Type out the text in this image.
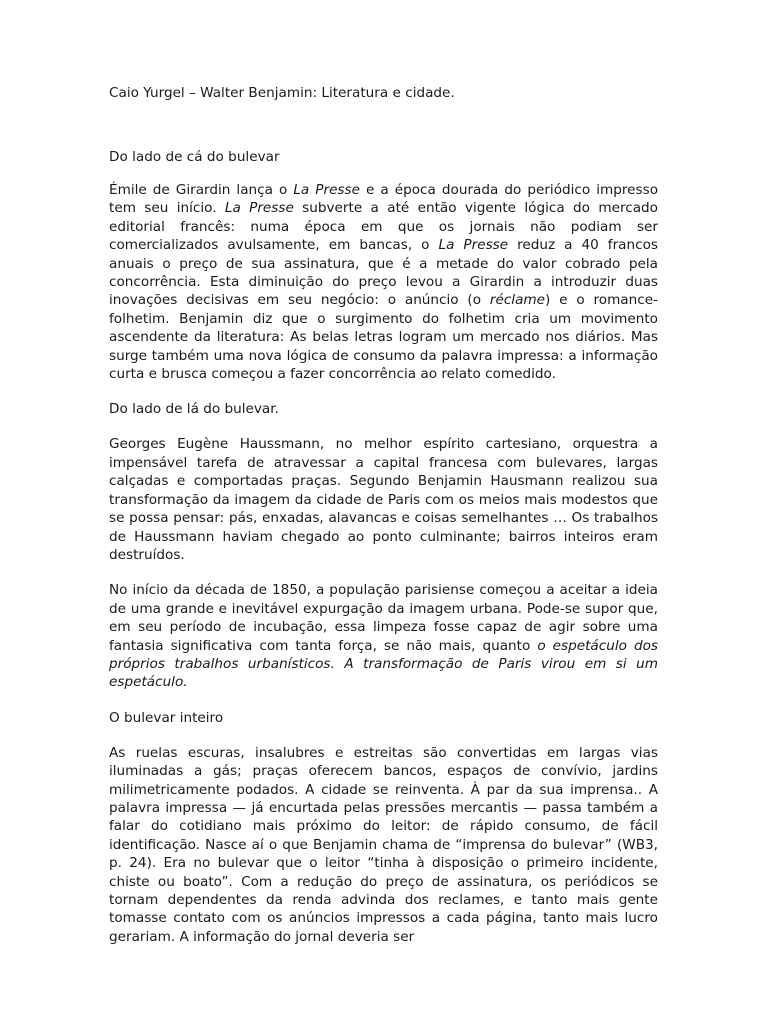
Caio Yurgel – Walter Benjamin: Literatura e cidade.

Do lado de cá do bulevar

Émile de Girardin lança o La Presse e a época dourada do periódico impresso tem seu início. La Presse subverte a até então vigente lógica do mercado editorial francês: numa época em que os jornais não podiam ser comercializados avulsamente, em bancas, o La Presse reduz a 40 francos anuais o preço de sua assinatura, que é a metade do valor cobrado pela concorrência. Esta diminuição do preço levou a Girardin a introduzir duas inovações decisivas em seu negócio: o anúncio (o réclame) e o romance-folhetim. Benjamin diz que o surgimento do folhetim cria um movimento ascendente da literatura: As belas letras logram um mercado nos diários. Mas surge também uma nova lógica de consumo da palavra impressa: a informação curta e brusca começou a fazer concorrência ao relato comedido.

Do lado de lá do bulevar.

Georges Eugène Haussmann, no melhor espírito cartesiano, orquestra a impensável tarefa de atravessar a capital francesa com bulevares, largas calçadas e comportadas praças. Segundo Benjamin Hausmann realizou sua transformação da imagem da cidade de Paris com os meios mais modestos que se possa pensar: pás, enxadas, alavancas e coisas semelhantes … Os trabalhos de Haussmann haviam chegado ao ponto culminante; bairros inteiros eram destruídos.

No início da década de 1850, a população parisiense começou a aceitar a ideia de uma grande e inevitável expurgação da imagem urbana. Pode-se supor que, em seu período de incubação, essa limpeza fosse capaz de agir sobre uma fantasia significativa com tanta força, se não mais, quanto o espetáculo dos próprios trabalhos urbanísticos. A transformação de Paris virou em si um espetáculo.

O bulevar inteiro

As ruelas escuras, insalubres e estreitas são convertidas em largas vias iluminadas a gás; praças oferecem bancos, espaços de convívio, jardins milimetricamente podados. A cidade se reinventa. À par da sua imprensa.. A palavra impressa — já encurtada pelas pressões mercantis — passa também a falar do cotidiano mais próximo do leitor: de rápido consumo, de fácil identificação. Nasce aí o que Benjamin chama de “imprensa do bulevar” (WB3, p. 24). Era no bulevar que o leitor “tinha à disposição o primeiro incidente, chiste ou boato”. Com a redução do preço de assinatura, os periódicos se tornam dependentes da renda advinda dos reclames, e tanto mais gente tomasse contato com os anúncios impressos a cada página, tanto mais lucro gerariam. A informação do jornal deveria ser
